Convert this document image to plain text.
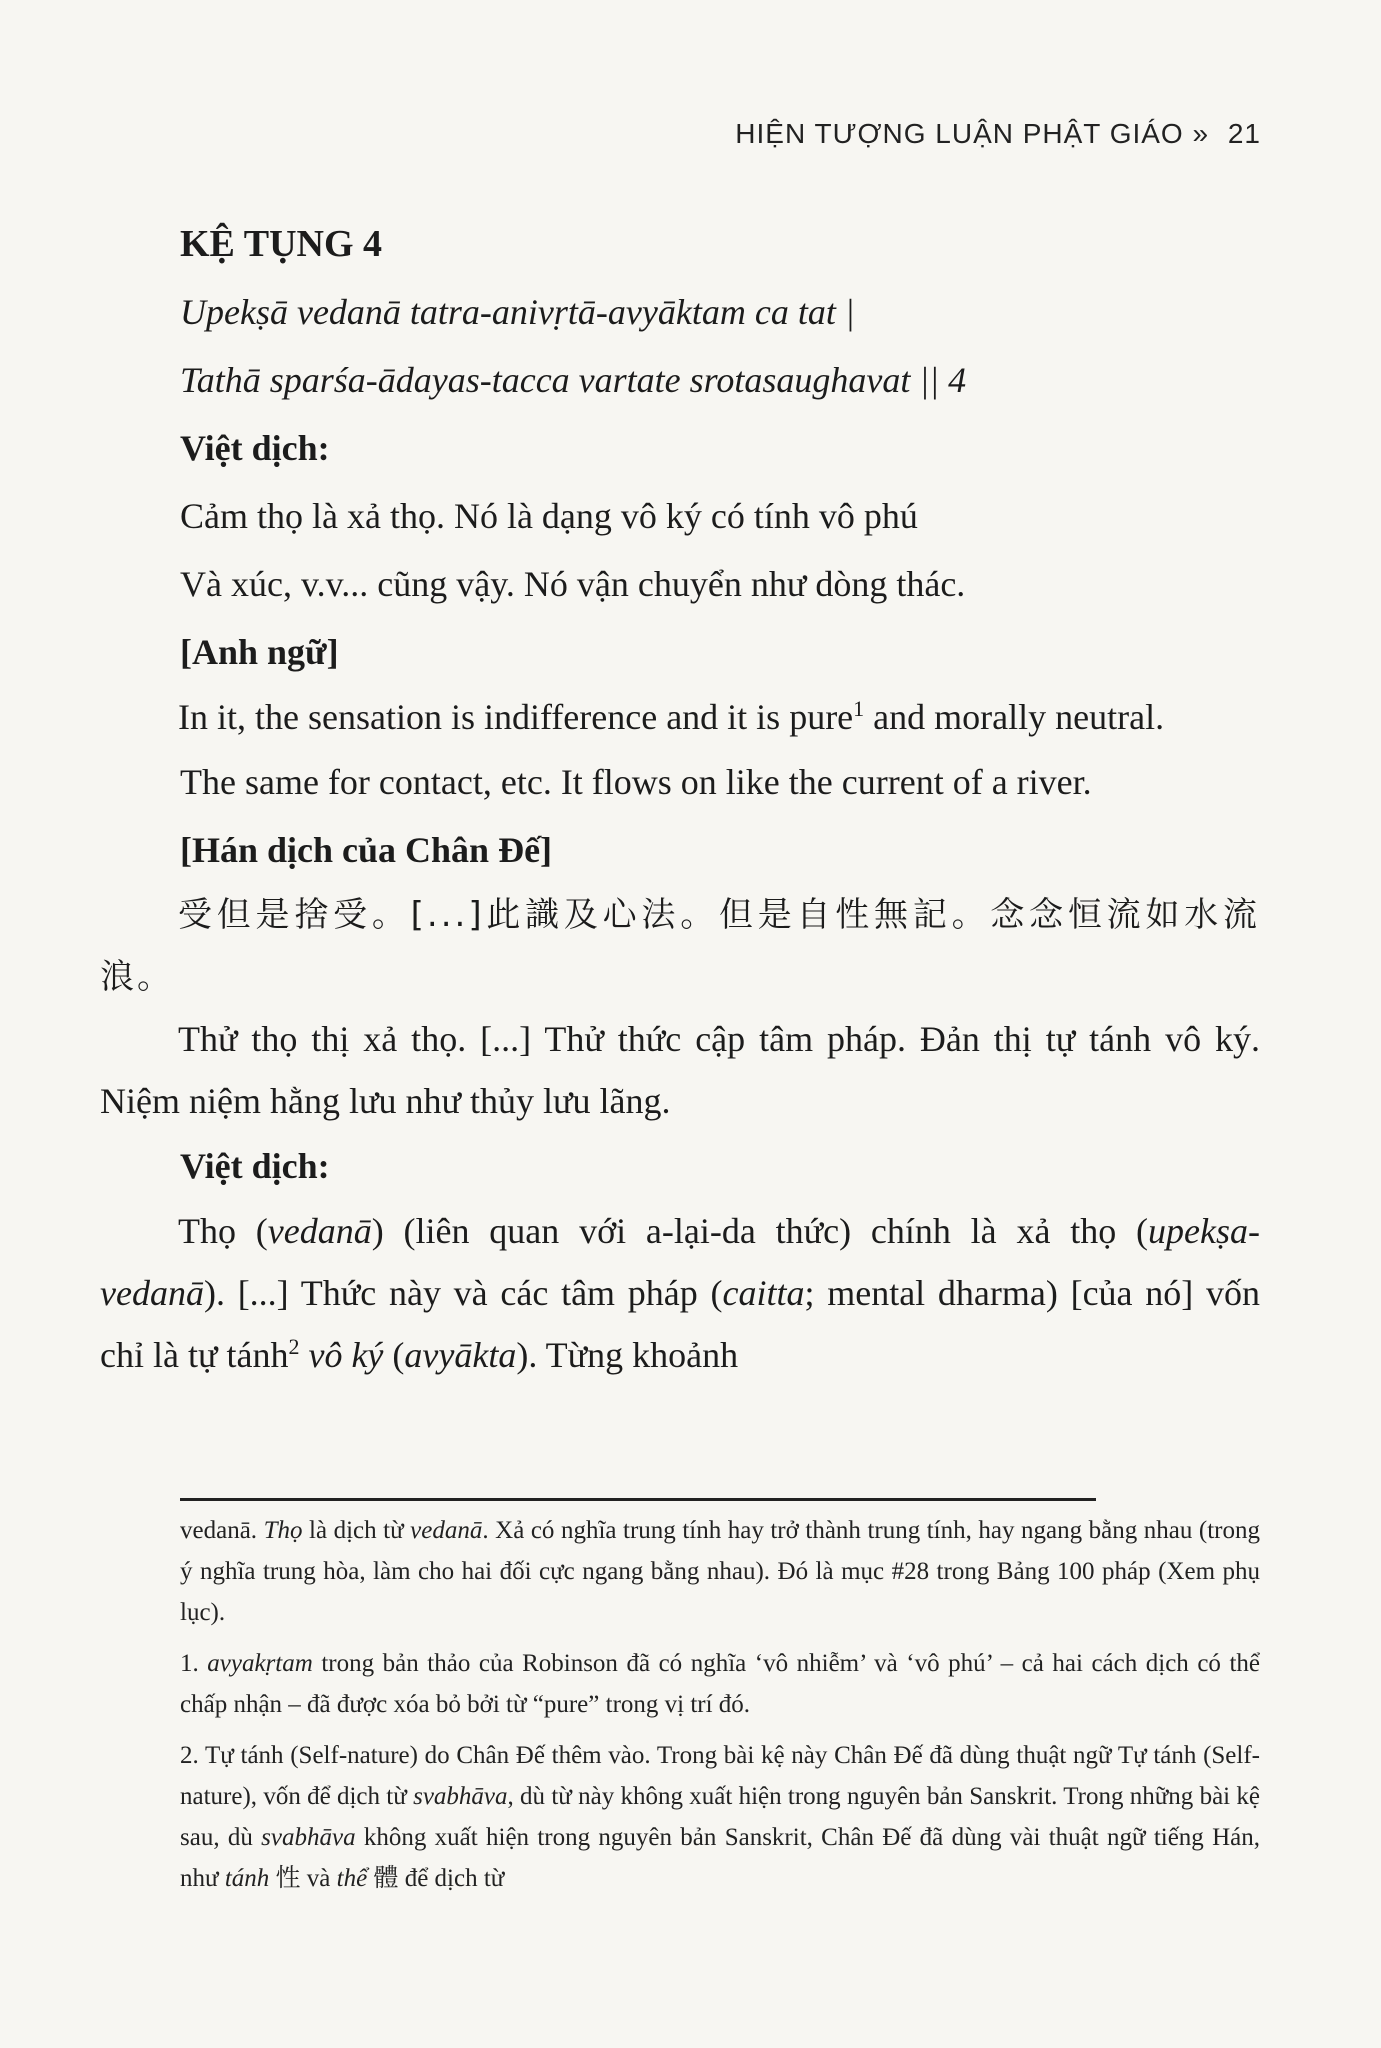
HIỆN TƯỢNG LUẬN PHẬT GIÁO » 21

KỆ TỤNG 4

Upekṣā vedanā tatra-anivṛtā-avyāktam ca tat |

Tathā sparśa-ādayas-tacca vartate srotasaughavat || 4

Việt dịch:

Cảm thọ là xả thọ. Nó là dạng vô ký có tính vô phú

Và xúc, v.v... cũng vậy. Nó vận chuyển như dòng thác.

[Anh ngữ]

In it, the sensation is indifference and it is pure$^1$ and morally neutral.

The same for contact, etc. It flows on like the current of a river.

[Hán dịch của Chân Đế]

受但是捨受。[...]此識及心法。但是自性無記。念念恒流如水流浪。

Thử thọ thị xả thọ. [...] Thử thức cập tâm pháp. Đản thị tự tánh vô ký. Niệm niệm hằng lưu như thủy lưu lãng.

Việt dịch:

Thọ (vedanā) (liên quan với a-lại-da thức) chính là xả thọ (upekṣa-vedanā). [...] Thức này và các tâm pháp (caitta; mental dharma) [của nó] vốn chỉ là tự tánh$^2$ vô ký (avyākta). Từng khoảnh

vedanā. Thọ là dịch từ vedanā. Xả có nghĩa trung tính hay trở thành trung tính, hay ngang bằng nhau (trong ý nghĩa trung hòa, làm cho hai đối cực ngang bằng nhau). Đó là mục #28 trong Bảng 100 pháp (Xem phụ lục).

1. avyakṛtam trong bản thảo của Robinson đã có nghĩa ‘vô nhiễm’ và ‘vô phú’ – cả hai cách dịch có thể chấp nhận – đã được xóa bỏ bởi từ “pure” trong vị trí đó.

2. Tự tánh (Self-nature) do Chân Đế thêm vào. Trong bài kệ này Chân Đế đã dùng thuật ngữ Tự tánh (Self-nature), vốn để dịch từ svabhāva, dù từ này không xuất hiện trong nguyên bản Sanskrit. Trong những bài kệ sau, dù svabhāva không xuất hiện trong nguyên bản Sanskrit, Chân Đế đã dùng vài thuật ngữ tiếng Hán, như tánh 性 và thể 體 để dịch từ
